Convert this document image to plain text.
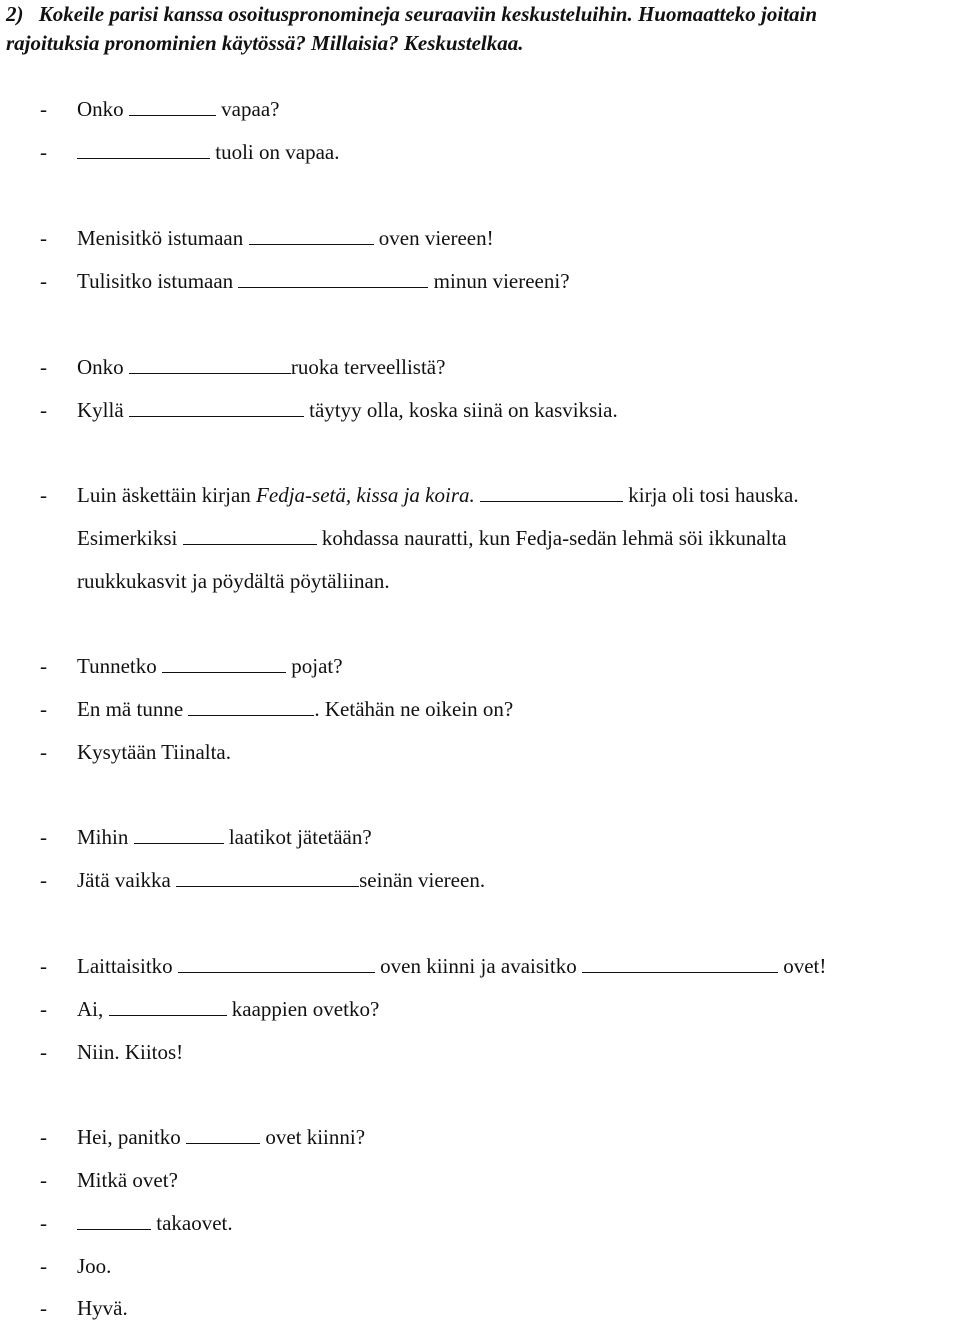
2) Kokeile parisi kanssa osoituspronomineja seuraaviin keskusteluihin. Huomaatteko joitain
rajoituksia pronominien käytössä? Millaisia? Keskustelkaa.
- Onko	vapaa?
-	tuoli on vapaa.
- Menisitkö istumaan	oven viereen!
- Tulisitko istumaan	minun viereeni?
- Onko	ruoka terveellistä?
- Kyllä	täytyy olla, koska siinä on kasviksia.
- Luin äskettäin kirjan Fedja-setä, kissa ja koira.	kirja oli tosi hauska.
Esimerkiksi	kohdassa nauratti, kun Fedja-sedän lehmä söi ikkunalta
ruukkukasvit ja pöydältä pöytäliinan.
- Tunnetko	pojat?
- En mä tunne	. Ketähän ne oikein on?
- Kysytään Tiinalta.
- Mihin	laatikot jätetään?
- Jätä vaikka	seinän viereen.
- Laittaisitko	oven kiinni ja avaisitko	ovet!
- Ai,	kaappien ovetko?
- Niin. Kiitos!
- Hei, panitko	ovet kiinni?
- Mitkä ovet?
-	takaovet.
- Joo.
- Hyvä.
